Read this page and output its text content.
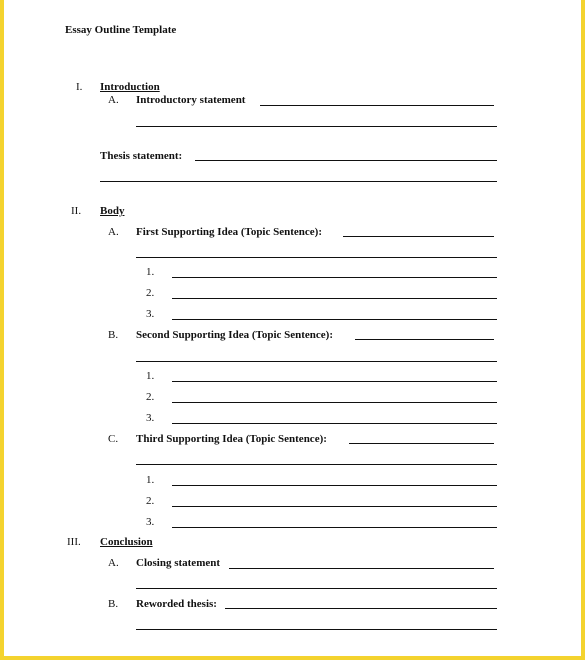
Essay Outline Template
I. Introduction
A. Introductory statement
Thesis statement:
II. Body
A. First Supporting Idea (Topic Sentence):
1.
2.
3.
B. Second Supporting Idea (Topic Sentence):
1.
2.
3.
C. Third Supporting Idea (Topic Sentence):
1.
2.
3.
III. Conclusion
A. Closing statement
B. Reworded thesis:
